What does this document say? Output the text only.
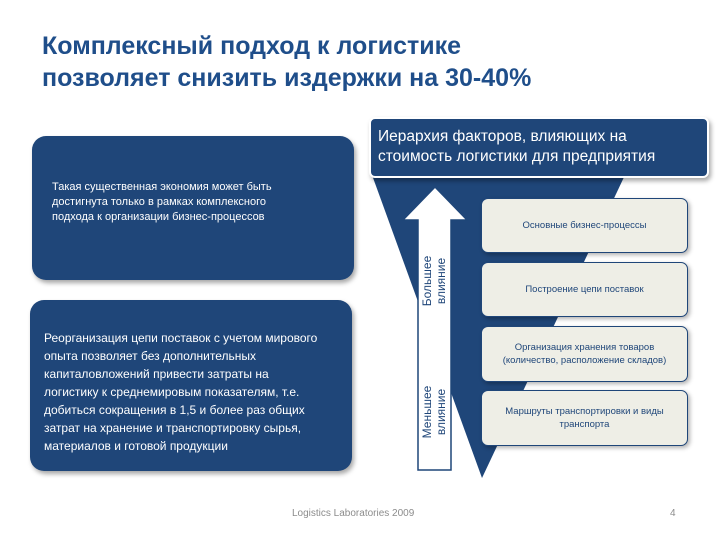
Комплексный подход к логистике
позволяет снизить издержки на 30-40%
Такая существенная экономия может быть
достигнута только в рамках комплексного
подхода к организации бизнес-процессов
Реорганизация цепи поставок с учетом мирового
опыта позволяет без дополнительных
капиталовложений привести затраты на
логистику к среднемировым показателям, т.е.
добиться сокращения в 1,5 и более раз общих
затрат на хранение и транспортировку сырья,
материалов и готовой продукции
Иерархия факторов, влияющих на
стоимость логистики для предприятия
Большее влияние
Меньшее влияние
Основные бизнес-процессы
Построение цепи поставок
Организация хранения товаров
(количество, расположение складов)
Маршруты транспортировки и виды
транспорта
Logistics Laboratories 2009	4
